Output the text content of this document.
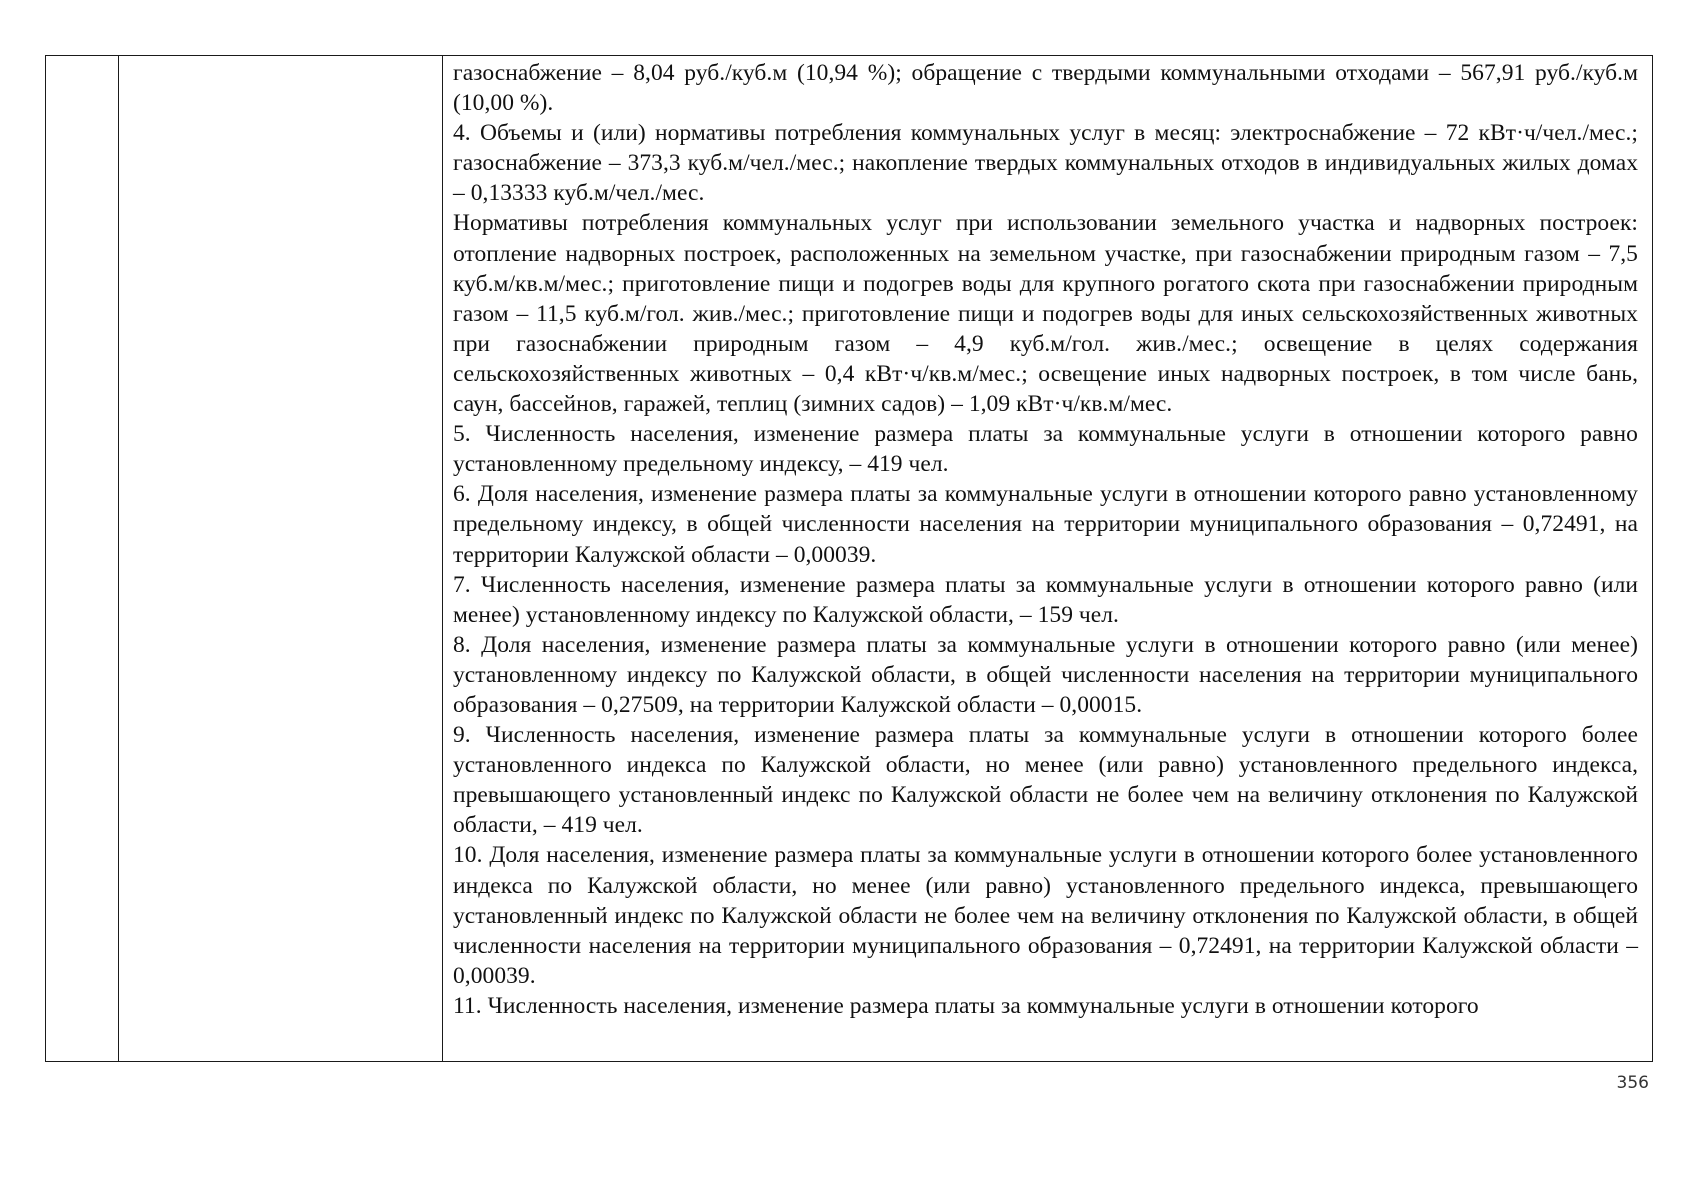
газоснабжение – 8,04 руб./куб.м (10,94 %); обращение с твердыми коммунальными отходами – 567,91 руб./куб.м (10,00 %).

4. Объемы и (или) нормативы потребления коммунальных услуг в месяц: электроснабжение – 72 кВт·ч/чел./мес.; газоснабжение – 373,3 куб.м/чел./мес.; накопление твердых коммунальных отходов в индивидуальных жилых домах – 0,13333 куб.м/чел./мес.

Нормативы потребления коммунальных услуг при использовании земельного участка и надворных построек: отопление надворных построек, расположенных на земельном участке, при газоснабжении природным газом – 7,5 куб.м/кв.м/мес.; приготовление пищи и подогрев воды для крупного рогатого скота при газоснабжении природным газом – 11,5 куб.м/гол. жив./мес.; приготовление пищи и подогрев воды для иных сельскохозяйственных животных при газоснабжении природным газом – 4,9 куб.м/гол. жив./мес.; освещение в целях содержания сельскохозяйственных животных – 0,4 кВт·ч/кв.м/мес.; освещение иных надворных построек, в том числе бань, саун, бассейнов, гаражей, теплиц (зимних садов) – 1,09 кВт·ч/кв.м/мес.

5. Численность населения, изменение размера платы за коммунальные услуги в отношении которого равно установленному предельному индексу, – 419 чел.

6. Доля населения, изменение размера платы за коммунальные услуги в отношении которого равно установленному предельному индексу, в общей численности населения на территории муниципального образования – 0,72491, на территории Калужской области – 0,00039.

7. Численность населения, изменение размера платы за коммунальные услуги в отношении которого равно (или менее) установленному индексу по Калужской области, – 159 чел.

8. Доля населения, изменение размера платы за коммунальные услуги в отношении которого равно (или менее) установленному индексу по Калужской области, в общей численности населения на территории муниципального образования – 0,27509, на территории Калужской области – 0,00015.

9. Численность населения, изменение размера платы за коммунальные услуги в отношении которого более установленного индекса по Калужской области, но менее (или равно) установленного предельного индекса, превышающего установленный индекс по Калужской области не более чем на величину отклонения по Калужской области, – 419 чел.

10. Доля населения, изменение размера платы за коммунальные услуги в отношении которого более установленного индекса по Калужской области, но менее (или равно) установленного предельного индекса, превышающего установленный индекс по Калужской области не более чем на величину отклонения по Калужской области, в общей численности населения на территории муниципального образования – 0,72491, на территории Калужской области – 0,00039.

11. Численность населения, изменение размера платы за коммунальные услуги в отношении которого

356
